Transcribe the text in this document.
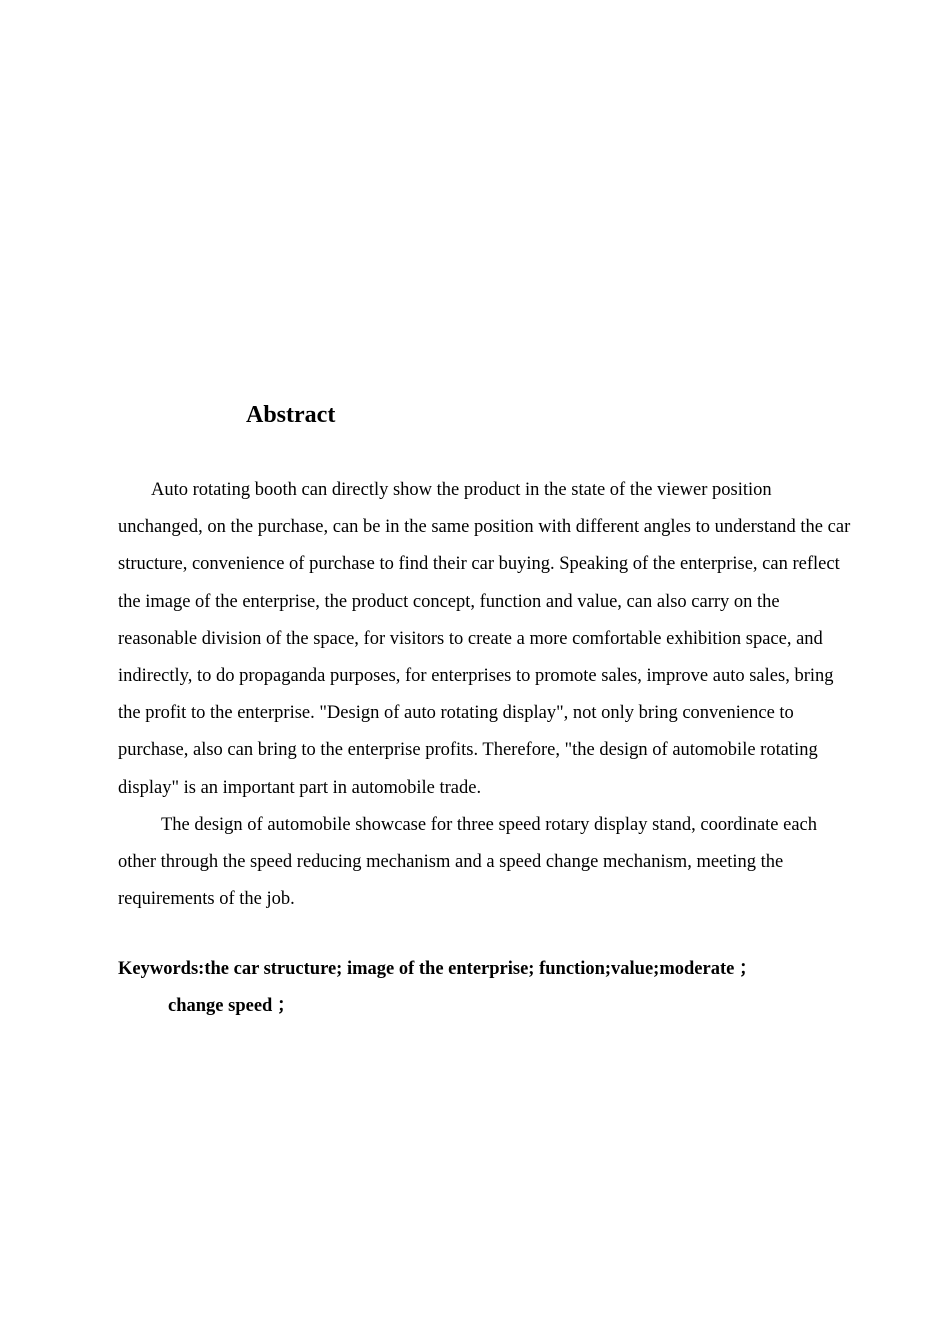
Abstract

Auto rotating booth can directly show the product in the state of the viewer position unchanged, on the purchase, can be in the same position with different angles to understand the car structure, convenience of purchase to find their car buying. Speaking of the enterprise, can reflect the image of the enterprise, the product concept, function and value, can also carry on the reasonable division of the space, for visitors to create a more comfortable exhibition space, and indirectly, to do propaganda purposes, for enterprises to promote sales, improve auto sales, bring the profit to the enterprise. "Design of auto rotating display", not only bring convenience to purchase, also can bring to the enterprise profits. Therefore, "the design of automobile rotating display" is an important part in automobile trade.

The design of automobile showcase for three speed rotary display stand, coordinate each other through the speed reducing mechanism and a speed change mechanism, meeting the requirements of the job.

Keywords:the car structure; image of the enterprise; function;value;moderate ；
change speed ；
